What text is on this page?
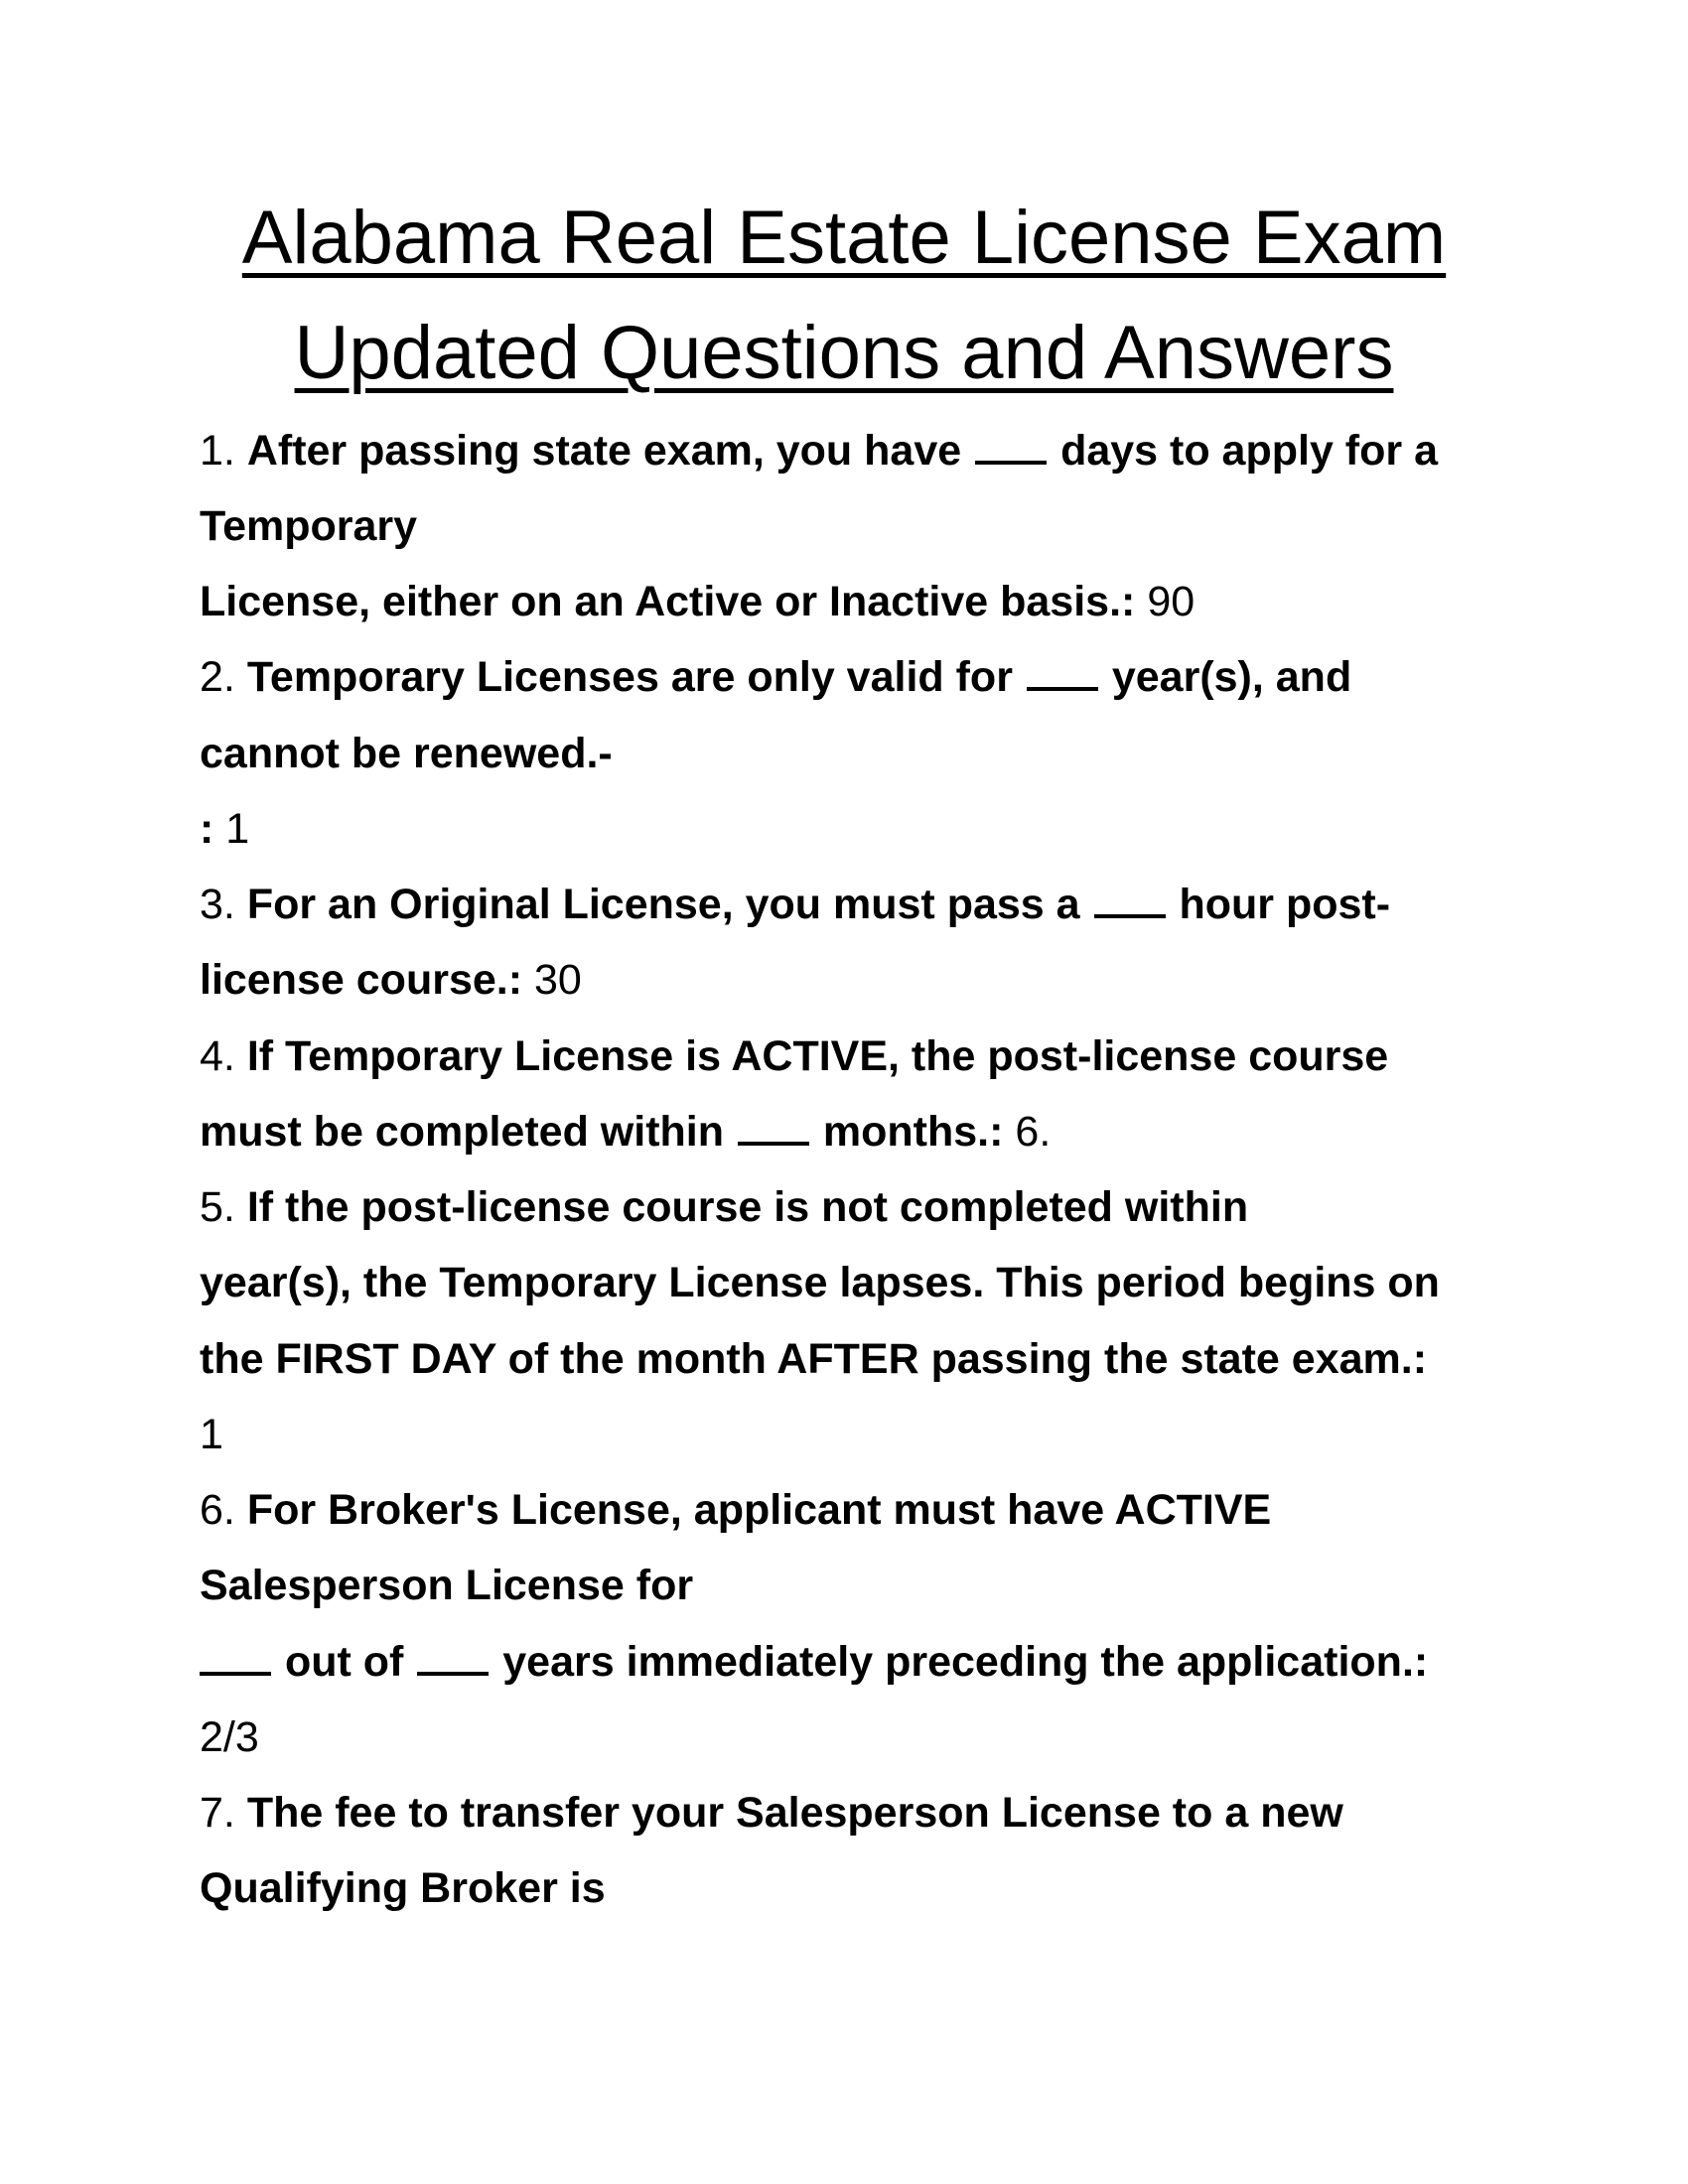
Alabama Real Estate License Exam
Updated Questions and Answers

1. After passing state exam, you have days to apply for a

Temporary

License, either on an Active or Inactive basis.: 90

2. Temporary Licenses are only valid for year(s), and

cannot be renewed.-

: 1

3. For an Original License, you must pass a hour post-

license course.: 30

4. If Temporary License is ACTIVE, the post-license course

must be completed within months.: 6.

5. If the post-license course is not completed within

year(s), the Temporary License lapses. This period begins on

the FIRST DAY of the month AFTER passing the state exam.:

1

6. For Broker's License, applicant must have ACTIVE

Salesperson License for

out of years immediately preceding the application.:

2/3

7. The fee to transfer your Salesperson License to a new

Qualifying Broker is
